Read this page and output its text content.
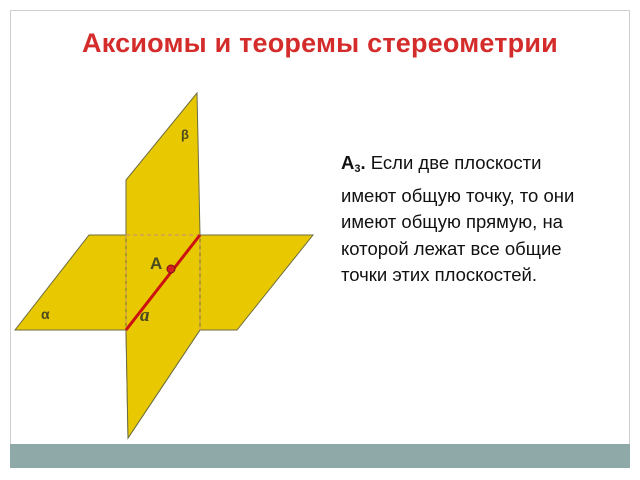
Аксиомы и теоремы стереометрии
β
A
α	a
$А_3$. Если две плоскости имеют общую точку, то они имеют общую прямую, на которой лежат все общие точки этих плоскостей.
